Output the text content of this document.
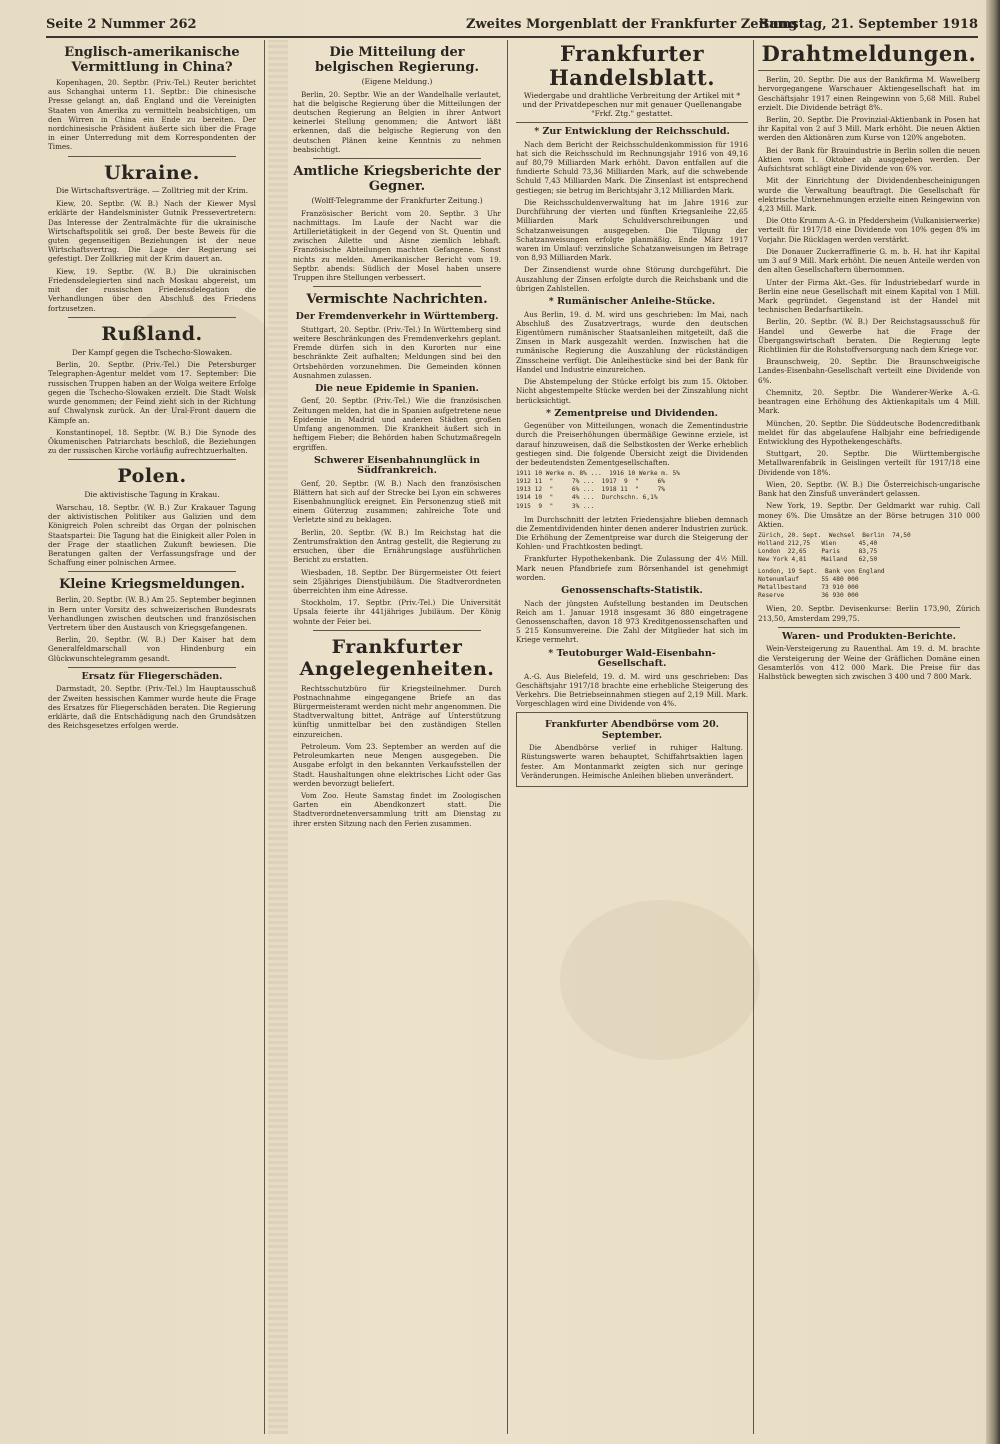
Seite 2 Nummer 262	Zweites Morgenblatt der Frankfurter Zeitung
Samstag, 21. September 1918
Englisch-amerikanische Vermittlung in China?

Kopenhagen, 20. Septbr. (Priv.-Tel.) Reuter berichtet aus Schanghai unterm 11. Septbr.: Die chinesische Presse gelangt an, daß England und die Vereinigten Staaten von Amerika zu vermitteln beabsichtigen, um den Wirren in China ein Ende zu bereiten. Der nordchinesische Präsident äußerte sich über die Frage in einer Unterredung mit dem Korrespondenten der Times.

Ukraine.
Die Wirtschaftsverträge. — Zolltrieg mit der Krim.

Kiew, 20. Septbr. (W. B.) Nach der Kiewer Mysl erklärte der Handelsminister Gutnik Pressevertretern: Das Interesse der Zentralmächte für die ukrainische Wirtschaftspolitik sei groß. Der beste Beweis für die guten gegenseitigen Beziehungen ist der neue Wirtschaftsvertrag. Die Lage der Regierung sei gefestigt. Der Zollkrieg mit der Krim dauert an.

Kiew, 19. Septbr. (W. B.) Die ukrainischen Friedensdelegierten sind nach Moskau abgereist, um mit der russischen Friedensdelegation die Verhandlungen über den Abschluß des Friedens fortzusetzen.

Rußland.
Der Kampf gegen die Tschecho-Slowaken.

Berlin, 20. Septbr. (Priv.-Tel.) Die Petersburger Telegraphen-Agentur meldet vom 17. September: Die russischen Truppen haben an der Wolga weitere Erfolge gegen die Tschecho-Slowaken erzielt. Die Stadt Wolsk wurde genommen; der Feind zieht sich in der Richtung auf Chwalynsk zurück. An der Ural-Front dauern die Kämpfe an.

Konstantinopel, 18. Septbr. (W. B.) Die Synode des Ökumenischen Patriarchats beschloß, die Beziehungen zu der russischen Kirche vorläufig aufrechtzuerhalten.

Polen.
Die aktivistische Tagung in Krakau.

Warschau, 18. Septbr. (W. B.) Zur Krakauer Tagung der aktivistischen Politiker aus Galizien und dem Königreich Polen schreibt das Organ der polnischen Staatspartei: Die Tagung hat die Einigkeit aller Polen in der Frage der staatlichen Zukunft bewiesen. Die Beratungen galten der Verfassungsfrage und der Schaffung einer polnischen Armee.

Kleine Kriegsmeldungen.

Berlin, 20. Septbr. (W. B.) Am 25. September beginnen in Bern unter Vorsitz des schweizerischen Bundesrats Verhandlungen zwischen deutschen und französischen Vertretern über den Austausch von Kriegsgefangenen.

Berlin, 20. Septbr. (W. B.) Der Kaiser hat dem Generalfeldmarschall von Hindenburg ein Glückwunschtelegramm gesandt.

Ersatz für Fliegerschäden.

Darmstadt, 20. Septbr. (Priv.-Tel.) Im Hauptausschuß der Zweiten hessischen Kammer wurde heute die Frage des Ersatzes für Fliegerschäden beraten. Die Regierung erklärte, daß die Entschädigung nach den Grundsätzen des Reichsgesetzes erfolgen werde.

Die Mitteilung der belgischen Regierung.
(Eigene Meldung.)

Berlin, 20. Septbr. Wie an der Wandelhalle verlautet, hat die belgische Regierung über die Mitteilungen der deutschen Regierung an Belgien in ihrer Antwort keinerlei Stellung genommen; die Antwort läßt erkennen, daß die belgische Regierung von den deutschen Plänen keine Kenntnis zu nehmen beabsichtigt.

Amtliche Kriegsberichte der Gegner.
(Wolff-Telegramme der Frankfurter Zeitung.)

Französischer Bericht vom 20. Septbr. 3 Uhr nachmittags. Im Laufe der Nacht war die Artillerietätigkeit in der Gegend von St. Quentin und zwischen Ailette und Aisne ziemlich lebhaft. Französische Abteilungen machten Gefangene. Sonst nichts zu melden. Amerikanischer Bericht vom 19. Septbr. abends: Südlich der Mosel haben unsere Truppen ihre Stellungen verbessert.

Vermischte Nachrichten.
Der Fremdenverkehr in Württemberg.

Stuttgart, 20. Septbr. (Priv.-Tel.) In Württemberg sind weitere Beschränkungen des Fremdenverkehrs geplant. Fremde dürfen sich in den Kurorten nur eine beschränkte Zeit aufhalten; Meldungen sind bei den Ortsbehörden vorzunehmen. Die Gemeinden können Ausnahmen zulassen.

Die neue Epidemie in Spanien.

Genf, 20. Septbr. (Priv.-Tel.) Wie die französischen Zeitungen melden, hat die in Spanien aufgetretene neue Epidemie in Madrid und anderen Städten großen Umfang angenommen. Die Krankheit äußert sich in heftigem Fieber; die Behörden haben Schutzmaßregeln ergriffen.

Schwerer Eisenbahnunglück in Südfrankreich.

Genf, 20. Septbr. (W. B.) Nach den französischen Blättern hat sich auf der Strecke bei Lyon ein schweres Eisenbahnunglück ereignet. Ein Personenzug stieß mit einem Güterzug zusammen; zahlreiche Tote und Verletzte sind zu beklagen.

Berlin, 20. Septbr. (W. B.) Im Reichstag hat die Zentrumsfraktion den Antrag gestellt, die Regierung zu ersuchen, über die Ernährungslage ausführlichen Bericht zu erstatten.

Wiesbaden, 18. Septbr. Der Bürgermeister Ott feiert sein 25jähriges Dienstjubiläum. Die Stadtverordneten überreichten ihm eine Adresse.

Stockholm, 17. Septbr. (Priv.-Tel.) Die Universität Upsala feierte ihr 441jähriges Jubiläum. Der König wohnte der Feier bei.

Frankfurter Angelegenheiten.

Rechtsschutzbüro für Kriegsteilnehmer. Durch Postnachnahme eingegangene Briefe an das Bürgermeisteramt werden nicht mehr angenommen. Die Stadtverwaltung bittet, Anträge auf Unterstützung künftig unmittelbar bei den zuständigen Stellen einzureichen.

Petroleum. Vom 23. September an werden auf die Petroleumkarten neue Mengen ausgegeben. Die Ausgabe erfolgt in den bekannten Verkaufsstellen der Stadt. Haushaltungen ohne elektrisches Licht oder Gas werden bevorzugt beliefert.

Vom Zoo. Heute Samstag findet im Zoologischen Garten ein Abendkonzert statt. Die Stadtverordnetenversammlung tritt am Dienstag zu ihrer ersten Sitzung nach den Ferien zusammen.

Frankfurter Handelsblatt.
Wiedergabe und drahtliche Verbreitung der Artikel mit * und der Privatdepeschen nur mit genauer Quellenangabe "Frkf. Ztg." gestattet.
* Zur Entwicklung der Reichsschuld.

Nach dem Bericht der Reichsschuldenkommission für 1916 hat sich die Reichsschuld im Rechnungsjahr 1916 von 49,16 auf 80,79 Milliarden Mark erhöht. Davon entfallen auf die fundierte Schuld 73,36 Milliarden Mark, auf die schwebende Schuld 7,43 Milliarden Mark. Die Zinsenlast ist entsprechend gestiegen; sie betrug im Berichtsjahr 3,12 Milliarden Mark.

Die Reichsschuldenverwaltung hat im Jahre 1916 zur Durchführung der vierten und fünften Kriegsanleihe 22,65 Milliarden Mark Schuldverschreibungen und Schatzanweisungen ausgegeben. Die Tilgung der Schatzanweisungen erfolgte planmäßig. Ende März 1917 waren im Umlauf: verzinsliche Schatzanweisungen im Betrage von 8,93 Milliarden Mark.

Der Zinsendienst wurde ohne Störung durchgeführt. Die Auszahlung der Zinsen erfolgte durch die Reichsbank und die übrigen Zahlstellen.

* Rumänischer Anleihe-Stücke.

Aus Berlin, 19. d. M. wird uns geschrieben: Im Mai, nach Abschluß des Zusatzvertrags, wurde den deutschen Eigentümern rumänischer Staatsanleihen mitgeteilt, daß die Zinsen in Mark ausgezahlt werden. Inzwischen hat die rumänische Regierung die Auszahlung der rückständigen Zinsscheine verfügt. Die Anleihestücke sind bei der Bank für Handel und Industrie einzureichen.

Die Abstempelung der Stücke erfolgt bis zum 15. Oktober. Nicht abgestempelte Stücke werden bei der Zinszahlung nicht berücksichtigt.

* Zementpreise und Dividenden.

Gegenüber von Mitteilungen, wonach die Zementindustrie durch die Preiserhöhungen übermäßige Gewinne erziele, ist darauf hinzuweisen, daß die Selbstkosten der Werke erheblich gestiegen sind. Die folgende Übersicht zeigt die Dividenden der bedeutendsten Zementgesellschaften.

1911 10 Werke m. 8% ...  1916 10 Werke m. 5%
1912 11  "     7% ...  1917  9  "     6%
1913 12  "     6% ...  1918 11  "     7%
1914 10  "     4% ...  Durchschn. 6,1%
1915  9  "     3% ...

Im Durchschnitt der letzten Friedensjahre blieben demnach die Zementdividenden hinter denen anderer Industrien zurück. Die Erhöhung der Zementpreise war durch die Steigerung der Kohlen- und Frachtkosten bedingt.

Frankfurter Hypothekenbank. Die Zulassung der 4½ Mill. Mark neuen Pfandbriefe zum Börsenhandel ist genehmigt worden.

Genossenschafts-Statistik.

Nach der jüngsten Aufstellung bestanden im Deutschen Reich am 1. Januar 1918 insgesamt 36 880 eingetragene Genossenschaften, davon 18 973 Kreditgenossenschaften und 5 215 Konsumvereine. Die Zahl der Mitglieder hat sich im Kriege vermehrt.

* Teutoburger Wald-Eisenbahn-Gesellschaft.

A.-G. Aus Bielefeld, 19. d. M. wird uns geschrieben: Das Geschäftsjahr 1917/18 brachte eine erhebliche Steigerung des Verkehrs. Die Betriebseinnahmen stiegen auf 2,19 Mill. Mark. Vorgeschlagen wird eine Dividende von 4%.

Frankfurter Abendbörse vom 20. September.

Die Abendbörse verlief in ruhiger Haltung. Rüstungswerte waren behauptet, Schiffahrtsaktien lagen fester. Am Montanmarkt zeigten sich nur geringe Veränderungen. Heimische Anleihen blieben unverändert.

Drahtmeldungen.

Berlin, 20. Septbr. Die aus der Bankfirma M. Wawelberg hervorgegangene Warschauer Aktiengesellschaft hat im Geschäftsjahr 1917 einen Reingewinn von 5,68 Mill. Rubel erzielt. Die Dividende beträgt 8%.

Berlin, 20. Septbr. Die Provinzial-Aktienbank in Posen hat ihr Kapital von 2 auf 3 Mill. Mark erhöht. Die neuen Aktien werden den Aktionären zum Kurse von 120% angeboten.

Bei der Bank für Brauindustrie in Berlin sollen die neuen Aktien vom 1. Oktober ab ausgegeben werden. Der Aufsichtsrat schlägt eine Dividende von 6% vor.

Mit der Einrichtung der Dividendenbescheinigungen wurde die Verwaltung beauftragt. Die Gesellschaft für elektrische Unternehmungen erzielte einen Reingewinn von 4,23 Mill. Mark.

Die Otto Krumm A.-G. in Pfeddersheim (Vulkanisierwerke) verteilt für 1917/18 eine Dividende von 10% gegen 8% im Vorjahr. Die Rücklagen werden verstärkt.

Die Donauer Zuckerraffinerie G. m. b. H. hat ihr Kapital um 3 auf 9 Mill. Mark erhöht. Die neuen Anteile werden von den alten Gesellschaftern übernommen.

Unter der Firma Akt.-Ges. für Industriebedarf wurde in Berlin eine neue Gesellschaft mit einem Kapital von 1 Mill. Mark gegründet. Gegenstand ist der Handel mit technischen Bedarfsartikeln.

Berlin, 20. Septbr. (W. B.) Der Reichstagsausschuß für Handel und Gewerbe hat die Frage der Übergangswirtschaft beraten. Die Regierung legte Richtlinien für die Rohstoffversorgung nach dem Kriege vor.

Braunschweig, 20. Septbr. Die Braunschweigische Landes-Eisenbahn-Gesellschaft verteilt eine Dividende von 6%.

Chemnitz, 20. Septbr. Die Wanderer-Werke A.-G. beantragen eine Erhöhung des Aktienkapitals um 4 Mill. Mark.

München, 20. Septbr. Die Süddeutsche Bodencreditbank meldet für das abgelaufene Halbjahr eine befriedigende Entwicklung des Hypothekengeschäfts.

Stuttgart, 20. Septbr. Die Württembergische Metallwarenfabrik in Geislingen verteilt für 1917/18 eine Dividende von 18%.

Wien, 20. Septbr. (W. B.) Die Österreichisch-ungarische Bank hat den Zinsfuß unverändert gelassen.

New York, 19. Septbr. Der Geldmarkt war ruhig. Call money 6%. Die Umsätze an der Börse betrugen 310 000 Aktien.

Zürich, 20. Sept.  Wechsel  Berlin  74,50
Holland 212,75   Wien      45,40
London  22,65    Paris     83,75
New York 4,81    Mailand   62,50
London, 19 Sept.  Bank von England
Notenumlauf      55 480 000
Metallbestand    73 910 000
Reserve          36 930 000

Wien, 20. Septbr. Devisenkurse: Berlin 173,90, Zürich 213,50, Amsterdam 299,75.

Waren- und Produkten-Berichte.

Wein-Versteigerung zu Rauenthal. Am 19. d. M. brachte die Versteigerung der Weine der Gräflichen Domäne einen Gesamterlös von 412 000 Mark. Die Preise für das Halbstück bewegten sich zwischen 3 400 und 7 800 Mark.
